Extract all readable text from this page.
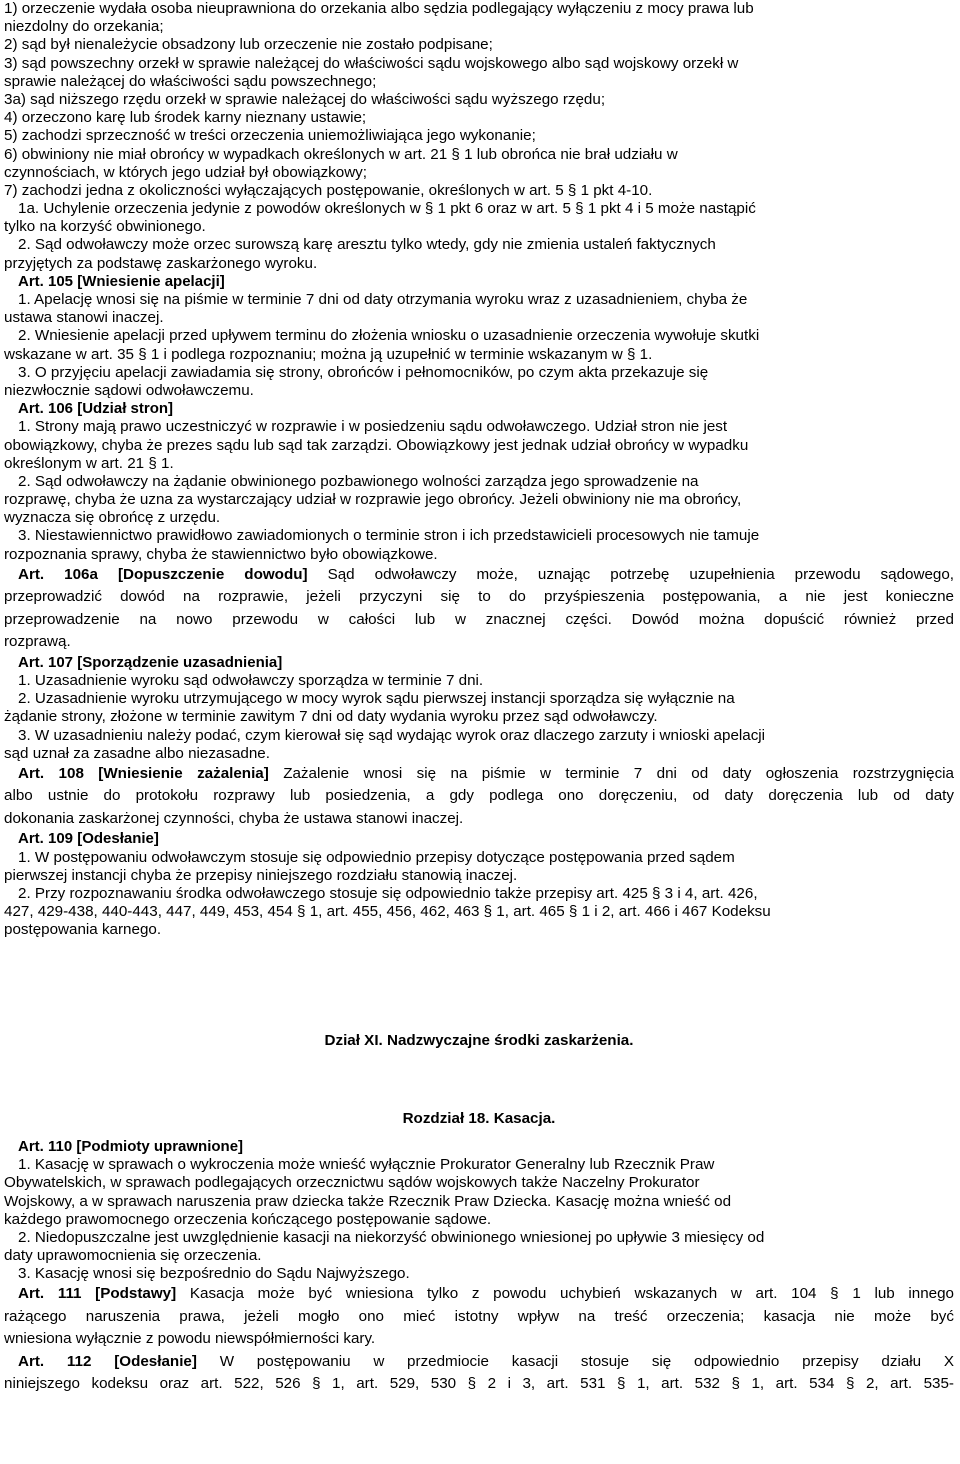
1) orzeczenie wydała osoba nieuprawniona do orzekania albo sędzia podlegający wyłączeniu z mocy prawa lub
niezdolny do orzekania;
2) sąd był nienależycie obsadzony lub orzeczenie nie zostało podpisane;
3) sąd powszechny orzekł w sprawie należącej do właściwości sądu wojskowego albo sąd wojskowy orzekł w
sprawie należącej do właściwości sądu powszechnego;
3a) sąd niższego rzędu orzekł w sprawie należącej do właściwości sądu wyższego rzędu;
4) orzeczono karę lub środek karny nieznany ustawie;
5) zachodzi sprzeczność w treści orzeczenia uniemożliwiająca jego wykonanie;
6) obwiniony nie miał obrońcy w wypadkach określonych w art. 21 § 1 lub obrońca nie brał udziału w
czynnościach, w których jego udział był obowiązkowy;
7) zachodzi jedna z okoliczności wyłączających postępowanie, określonych w art. 5 § 1 pkt 4-10.
1a. Uchylenie orzeczenia jedynie z powodów określonych w § 1 pkt 6 oraz w art. 5 § 1 pkt 4 i 5 może nastąpić
tylko na korzyść obwinionego.
2. Sąd odwoławczy może orzec surowszą karę aresztu tylko wtedy, gdy nie zmienia ustaleń faktycznych
przyjętych za podstawę zaskarżonego wyroku.
Art. 105 [Wniesienie apelacji]
1. Apelację wnosi się na piśmie w terminie 7 dni od daty otrzymania wyroku wraz z uzasadnieniem, chyba że
ustawa stanowi inaczej.
2. Wniesienie apelacji przed upływem terminu do złożenia wniosku o uzasadnienie orzeczenia wywołuje skutki
wskazane w art. 35 § 1 i podlega rozpoznaniu; można ją uzupełnić w terminie wskazanym w § 1.
3. O przyjęciu apelacji zawiadamia się strony, obrońców i pełnomocników, po czym akta przekazuje się
niezwłocznie sądowi odwoławczemu.
Art. 106 [Udział stron]
1. Strony mają prawo uczestniczyć w rozprawie i w posiedzeniu sądu odwoławczego. Udział stron nie jest
obowiązkowy, chyba że prezes sądu lub sąd tak zarządzi. Obowiązkowy jest jednak udział obrońcy w wypadku
określonym w art. 21 § 1.
2. Sąd odwoławczy na żądanie obwinionego pozbawionego wolności zarządza jego sprowadzenie na
rozprawę, chyba że uzna za wystarczający udział w rozprawie jego obrońcy. Jeżeli obwiniony nie ma obrońcy,
wyznacza się obrońcę z urzędu.
3. Niestawiennictwo prawidłowo zawiadomionych o terminie stron i ich przedstawicieli procesowych nie tamuje
rozpoznania sprawy, chyba że stawiennictwo było obowiązkowe.
Art. 106a [Dopuszczenie dowodu] Sąd odwoławczy może, uznając potrzebę uzupełnienia przewodu sądowego,
przeprowadzić dowód na rozprawie, jeżeli przyczyni się to do przyśpieszenia postępowania, a nie jest konieczne
przeprowadzenie na nowo przewodu w całości lub w znacznej części. Dowód można dopuścić również przed
rozprawą.
Art. 107 [Sporządzenie uzasadnienia]
1. Uzasadnienie wyroku sąd odwoławczy sporządza w terminie 7 dni.
2. Uzasadnienie wyroku utrzymującego w mocy wyrok sądu pierwszej instancji sporządza się wyłącznie na
żądanie strony, złożone w terminie zawitym 7 dni od daty wydania wyroku przez sąd odwoławczy.
3. W uzasadnieniu należy podać, czym kierował się sąd wydając wyrok oraz dlaczego zarzuty i wnioski apelacji
sąd uznał za zasadne albo niezasadne.
Art. 108 [Wniesienie zażalenia] Zażalenie wnosi się na piśmie w terminie 7 dni od daty ogłoszenia rozstrzygnięcia
albo ustnie do protokołu rozprawy lub posiedzenia, a gdy podlega ono doręczeniu, od daty doręczenia lub od daty
dokonania zaskarżonej czynności, chyba że ustawa stanowi inaczej.
Art. 109 [Odesłanie]
1. W postępowaniu odwoławczym stosuje się odpowiednio przepisy dotyczące postępowania przed sądem
pierwszej instancji chyba że przepisy niniejszego rozdziału stanowią inaczej.
2. Przy rozpoznawaniu środka odwoławczego stosuje się odpowiednio także przepisy art. 425 § 3 i 4, art. 426,
427, 429-438, 440-443, 447, 449, 453, 454 § 1, art. 455, 456, 462, 463 § 1, art. 465 § 1 i 2, art. 466 i 467 Kodeksu
postępowania karnego.
Dział XI. Nadzwyczajne środki zaskarżenia.
Rozdział 18. Kasacja.
Art. 110 [Podmioty uprawnione]
1. Kasację w sprawach o wykroczenia może wnieść wyłącznie Prokurator Generalny lub Rzecznik Praw
Obywatelskich, w sprawach podlegających orzecznictwu sądów wojskowych także Naczelny Prokurator
Wojskowy, a w sprawach naruszenia praw dziecka także Rzecznik Praw Dziecka. Kasację można wnieść od
każdego prawomocnego orzeczenia kończącego postępowanie sądowe.
2. Niedopuszczalne jest uwzględnienie kasacji na niekorzyść obwinionego wniesionej po upływie 3 miesięcy od
daty uprawomocnienia się orzeczenia.
3. Kasację wnosi się bezpośrednio do Sądu Najwyższego.
Art. 111 [Podstawy] Kasacja może być wniesiona tylko z powodu uchybień wskazanych w art. 104 § 1 lub innego
rażącego naruszenia prawa, jeżeli mogło ono mieć istotny wpływ na treść orzeczenia; kasacja nie może być
wniesiona wyłącznie z powodu niewspółmierności kary.
Art. 112 [Odesłanie] W postępowaniu w przedmiocie kasacji stosuje się odpowiednio przepisy działu X
niniejszego kodeksu oraz art. 522, 526 § 1, art. 529, 530 § 2 i 3, art. 531 § 1, art. 532 § 1, art. 534 § 2, art. 535-
